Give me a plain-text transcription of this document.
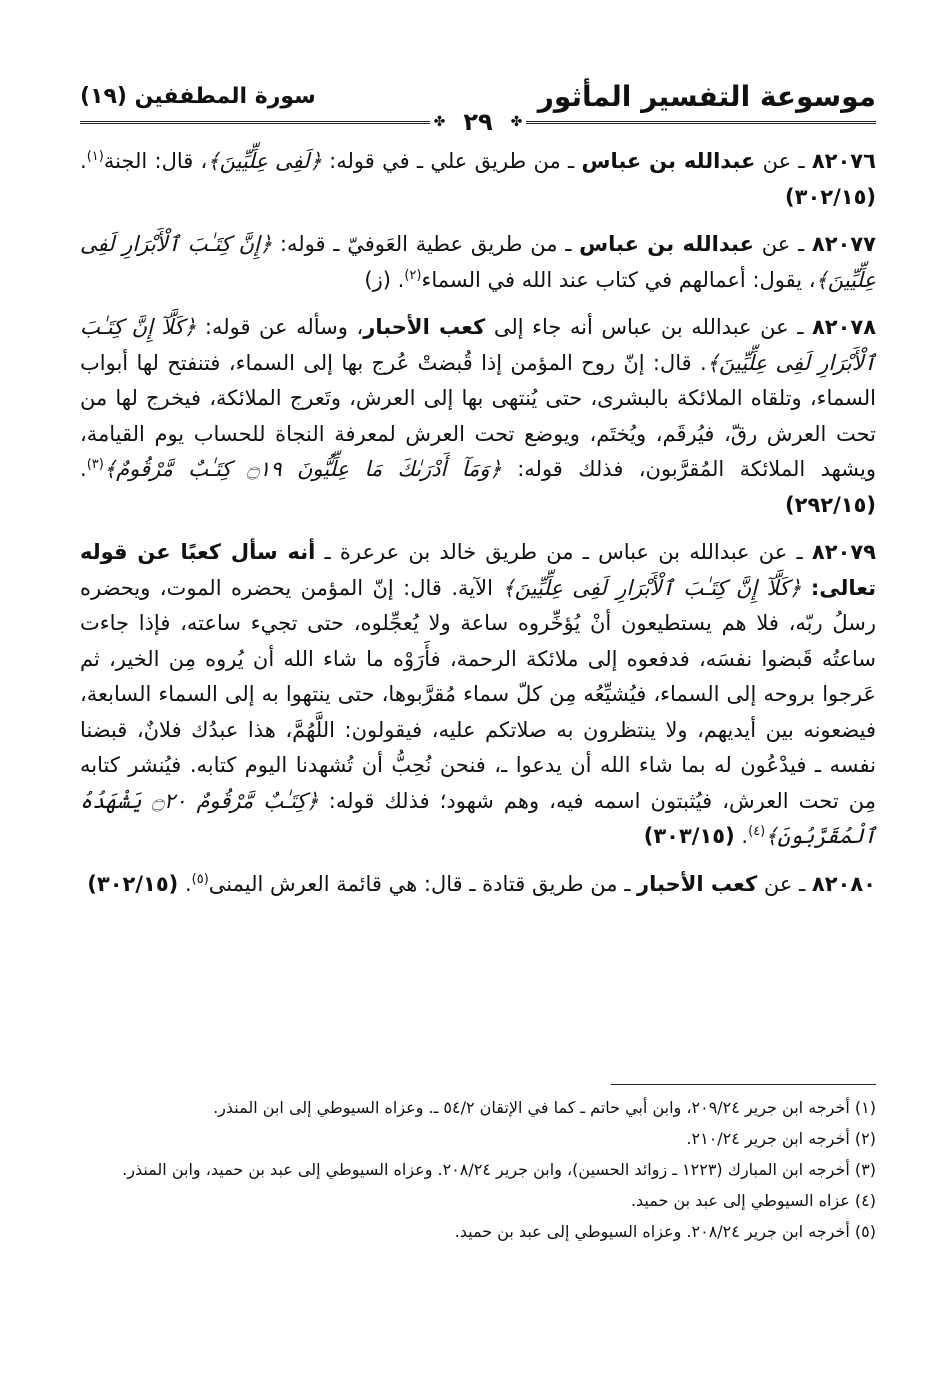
موسوعة التفسير المأثور
سورة المطففين (١٩)
✤ ٢٩	✤

٨٢٠٧٦ ـ عن عبدالله بن عباس ـ من طريق علي ـ في قوله: ﴿لَفِى عِلِّيِّينَ﴾، قال: الجنة$^{(١)}$. (٣٠٢/١٥)

٨٢٠٧٧ ـ عن عبدالله بن عباس ـ من طريق عطية العَوفيّ ـ قوله: ﴿إِنَّ كِتَـٰبَ ٱلْأَبْرَارِ لَفِى عِلِّيِّينَ﴾، يقول: أعمالهم في كتاب عند الله في السماء$^{(٢)}$. (ز)

٨٢٠٧٨ ـ عن عبدالله بن عباس أنه جاء إلى كعب الأحبار، وسأله عن قوله: ﴿كَلَّآ إِنَّ كِتَـٰبَ ٱلْأَبْرَارِ لَفِى عِلِّيِّينَ﴾. قال: إنّ روح المؤمن إذا قُبضتْ عُرج بها إلى السماء، فتنفتح لها أبواب السماء، وتلقاه الملائكة بالبشرى، حتى يُنتهى بها إلى العرش، وتَعرج الملائكة، فيخرج لها من تحت العرش رقّ، فيُرقَم، ويُختَم، ويوضع تحت العرش لمعرفة النجاة للحساب يوم القيامة، ويشهد الملائكة المُقرَّبون، فذلك قوله: ﴿وَمَآ أَدْرَىٰكَ مَا عِلِّيُّونَ ۝١٩ كِتَـٰبٌ مَّرْقُومٌ﴾$^{(٣)}$. (٢٩٢/١٥)

٨٢٠٧٩ ـ عن عبدالله بن عباس ـ من طريق خالد بن عرعرة ـ أنه سأل كعبًا عن قوله تعالى: ﴿كَلَّآ إِنَّ كِتَـٰبَ ٱلْأَبْرَارِ لَفِى عِلِّيِّينَ﴾ الآية. قال: إنّ المؤمن يحضره الموت، ويحضره رسلُ ربّه، فلا هم يستطيعون أنْ يُؤخِّروه ساعة ولا يُعجِّلوه، حتى تجيء ساعته، فإذا جاءت ساعتُه قَبضوا نفسَه، فدفعوه إلى ملائكة الرحمة، فأَرَوْه ما شاء الله أن يُروه مِن الخير، ثم عَرجوا بروحه إلى السماء، فيُشيِّعُه مِن كلّ سماء مُقرَّبوها، حتى ينتهوا به إلى السماء السابعة، فيضعونه بين أيديهم، ولا ينتظرون به صلاتكم عليه، فيقولون: اللَّهُمَّ، هذا عبدُك فلانٌ، قبضنا نفسه ـ فيدْعُون له بما شاء الله أن يدعوا ـ، فنحن نُحِبُّ أن تُشهدنا اليوم كتابه. فيُنشر كتابه مِن تحت العرش، فيُثبتون اسمه فيه، وهم شهود؛ فذلك قوله: ﴿كِتَـٰبٌ مَّرْقُومٌ ۝٢٠ يَشْهَدُهُ ٱلْمُقَرَّبُونَ﴾$^{(٤)}$. (٣٠٣/١٥)

٨٢٠٨٠ ـ عن كعب الأحبار ـ من طريق قتادة ـ قال: هي قائمة العرش اليمنى$^{(٥)}$. (٣٠٢/١٥)

(١) أخرجه ابن جرير ٢٠٩/٢٤، وابن أبي حاتم ـ كما في الإتقان ٥٤/٢ ـ. وعزاه السيوطي إلى ابن المنذر.

(٢) أخرجه ابن جرير ٢١٠/٢٤.

(٣) أخرجه ابن المبارك (١٢٢٣ ـ زوائد الحسين)، وابن جرير ٢٠٨/٢٤. وعزاه السيوطي إلى عبد بن حميد، وابن المنذر.

(٤) عزاه السيوطي إلى عبد بن حميد.

(٥) أخرجه ابن جرير ٢٠٨/٢٤. وعزاه السيوطي إلى عبد بن حميد.
